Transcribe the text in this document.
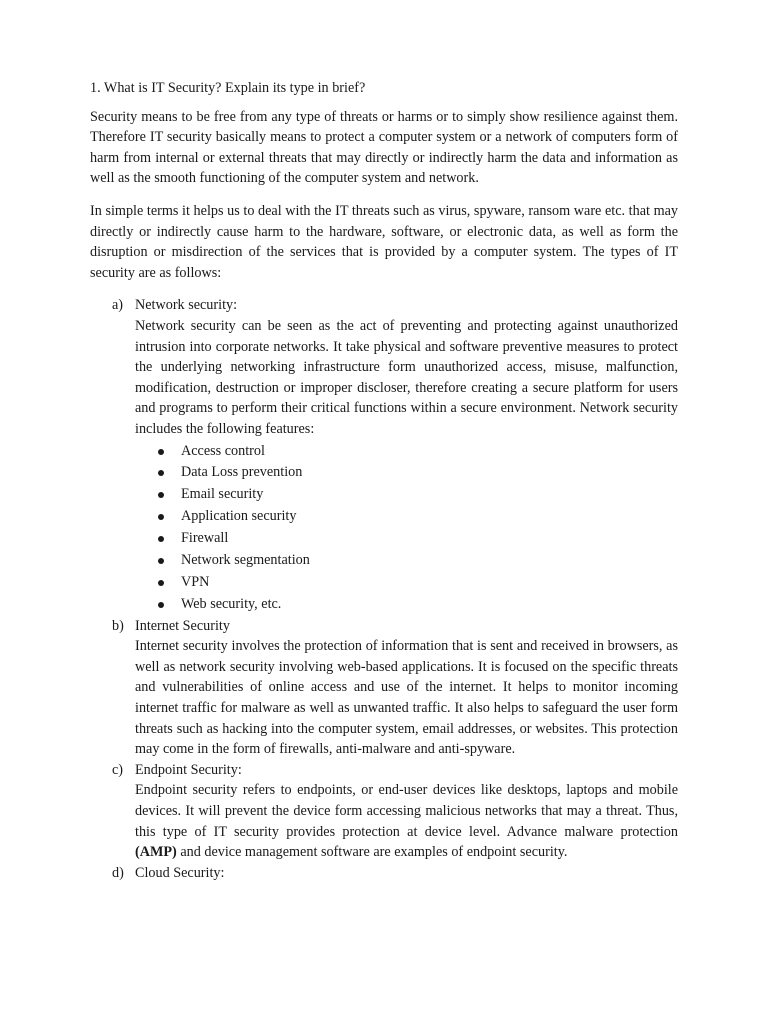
1. What is IT Security? Explain its type in brief?

Security means to be free from any type of threats or harms or to simply show resilience against them. Therefore IT security basically means to protect a computer system or a network of computers form of harm from internal or external threats that may directly or indirectly harm the data and information as well as the smooth functioning of the computer system and network.

In simple terms it helps us to deal with the IT threats such as virus, spyware, ransom ware etc. that may directly or indirectly cause harm to the hardware, software, or electronic data, as well as form the disruption or misdirection of the services that is provided by a computer system. The types of IT security are as follows:

a) Network security:

Network security can be seen as the act of preventing and protecting against unauthorized intrusion into corporate networks. It take physical and software preventive measures to protect the underlying networking infrastructure form unauthorized access, misuse, malfunction, modification, destruction or improper discloser, therefore creating a secure platform for users and programs to perform their critical functions within a secure environment. Network security includes the following features:

Access control
Data Loss prevention
Email security
Application security
Firewall
Network segmentation
VPN
Web security, etc.
b) Internet Security

Internet security involves the protection of information that is sent and received in browsers, as well as network security involving web-based applications. It is focused on the specific threats and vulnerabilities of online access and use of the internet. It helps to monitor incoming internet traffic for malware as well as unwanted traffic. It also helps to safeguard the user form threats such as hacking into the computer system, email addresses, or websites. This protection may come in the form of firewalls, anti-malware and anti-spyware.

c) Endpoint Security:

Endpoint security refers to endpoints, or end-user devices like desktops, laptops and mobile devices. It will prevent the device form accessing malicious networks that may a threat. Thus, this type of IT security provides protection at device level. Advance malware protection (AMP) and device management software are examples of endpoint security.

d) Cloud Security:
